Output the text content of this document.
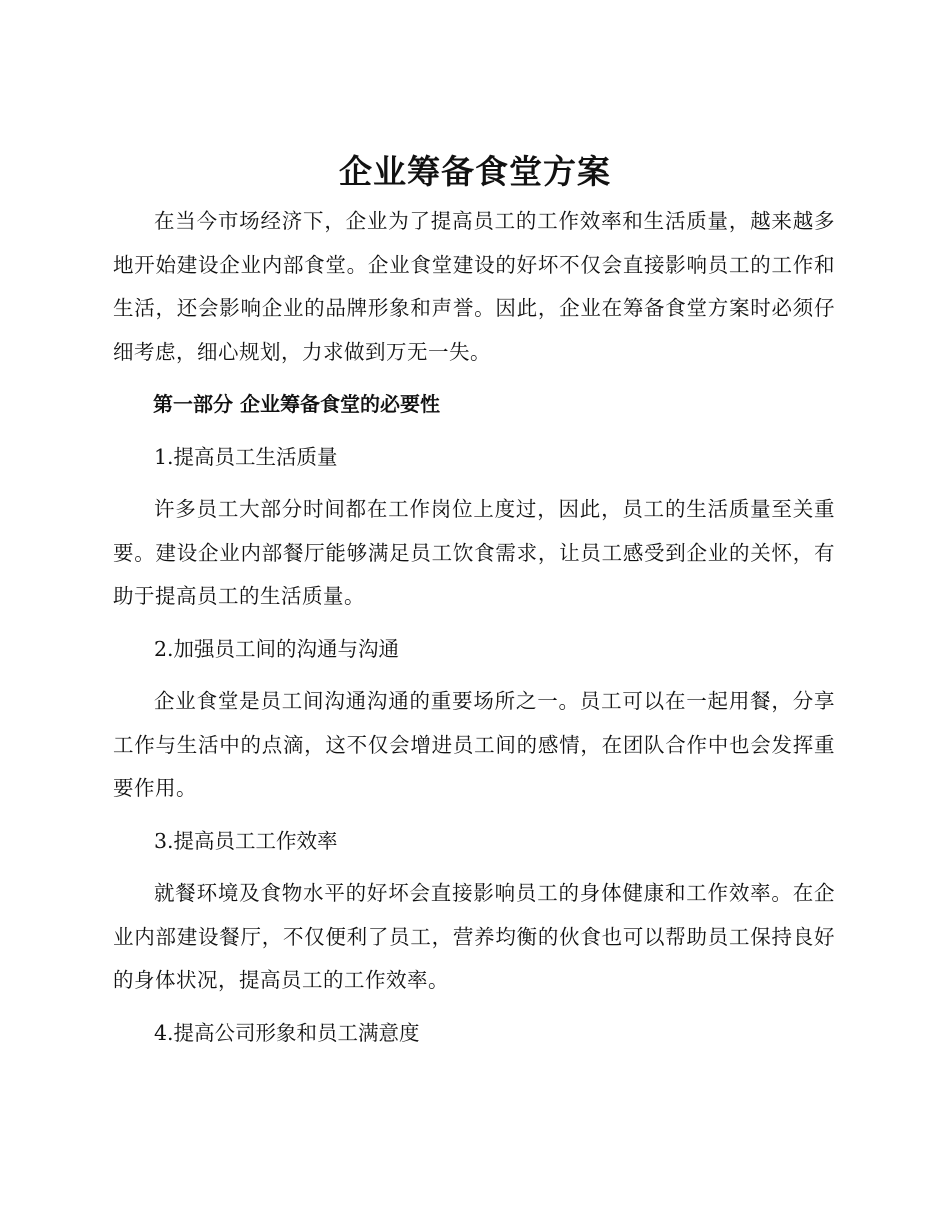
企业筹备食堂方案

在当今市场经济下，企业为了提高员工的工作效率和生活质量，越来越多地开始建设企业内部食堂。企业食堂建设的好坏不仅会直接影响员工的工作和生活，还会影响企业的品牌形象和声誉。因此，企业在筹备食堂方案时必须仔细考虑，细心规划，力求做到万无一失。

第一部分 企业筹备食堂的必要性

1.提高员工生活质量

许多员工大部分时间都在工作岗位上度过，因此，员工的生活质量至关重要。建设企业内部餐厅能够满足员工饮食需求，让员工感受到企业的关怀，有助于提高员工的生活质量。

2.加强员工间的沟通与沟通

企业食堂是员工间沟通沟通的重要场所之一。员工可以在一起用餐，分享工作与生活中的点滴，这不仅会增进员工间的感情，在团队合作中也会发挥重要作用。

3.提高员工工作效率

就餐环境及食物水平的好坏会直接影响员工的身体健康和工作效率。在企业内部建设餐厅，不仅便利了员工，营养均衡的伙食也可以帮助员工保持良好的身体状况，提高员工的工作效率。

4.提高公司形象和员工满意度
